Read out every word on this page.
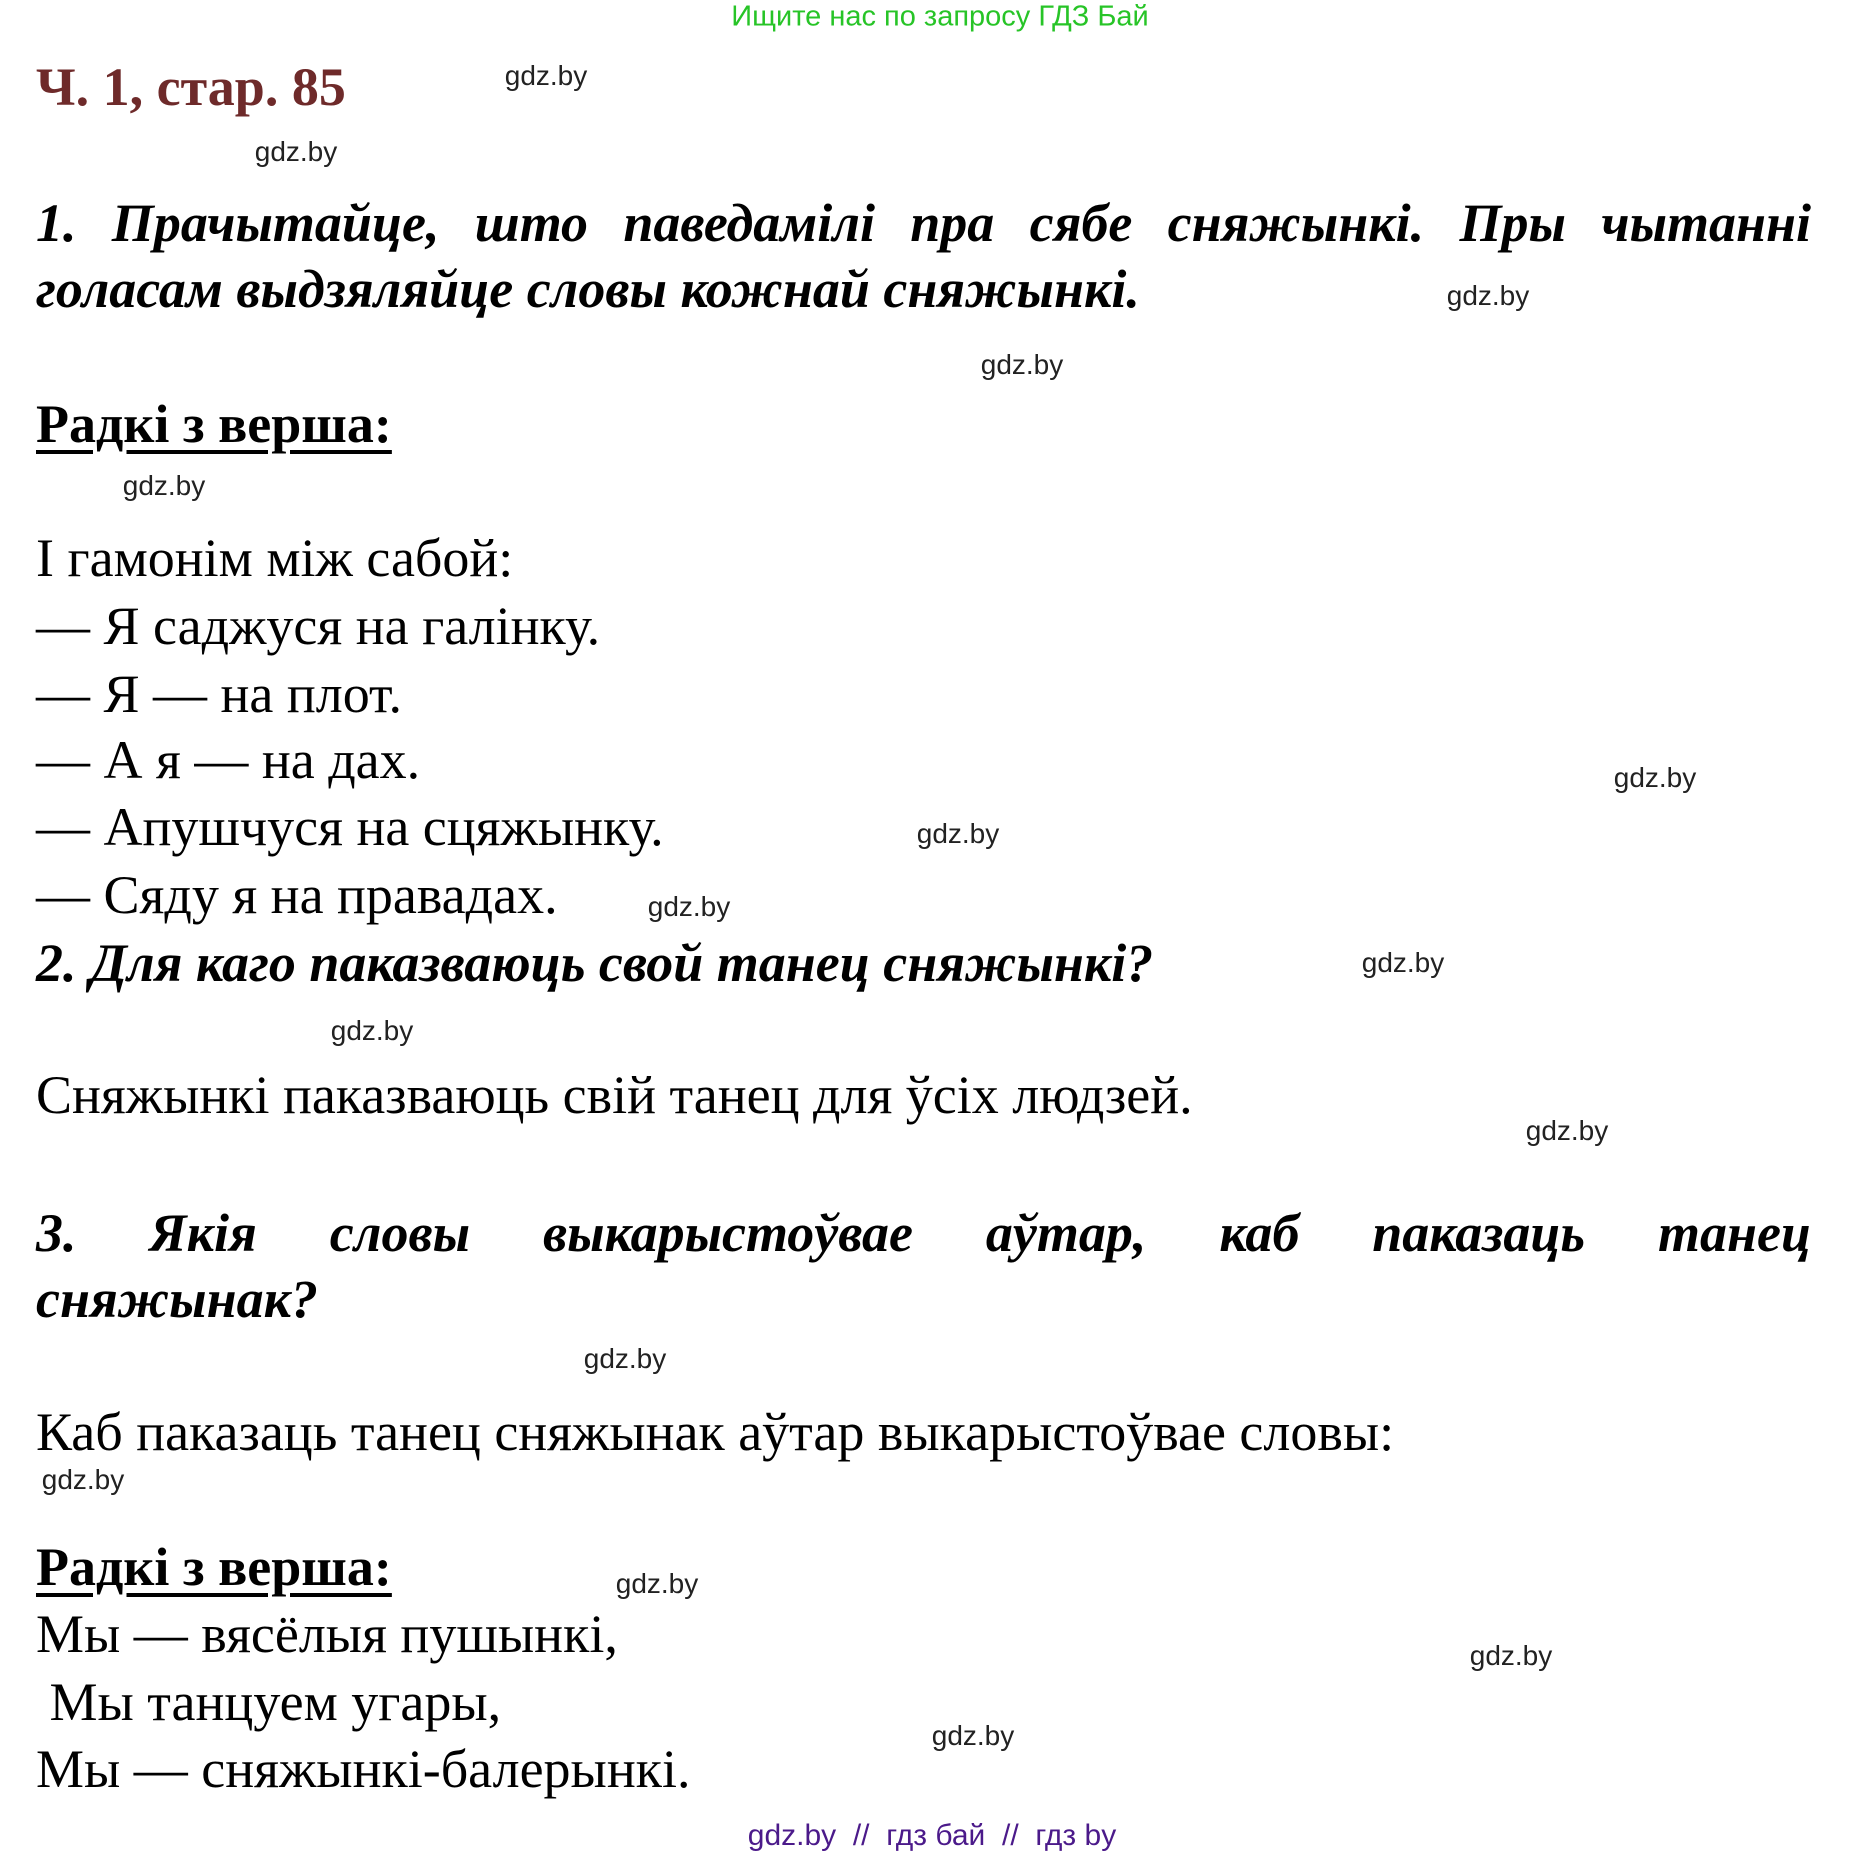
Ищите нас по запросу ГДЗ Бай
Ч. 1, стар. 85	gdz.by
gdz.by
1. Прачытайце, што паведамілі пра сябе сняжынкі. Пры чытанні
голасам выдзяляйце словы кожнай сняжынкі.	gdz.by
gdz.by
Радкі з верша:
gdz.by
І гамонім між сабой:
— Я саджуся на галінку.
— Я — на плот.
— А я — на дах.
— Апушчуся на сцяжынку.
— Сяду я на правадах.
gdz.by
gdz.by
gdz.by
2. Для каго паказваюць свой танец сняжынкі?	gdz.by
gdz.by
Сняжынкі паказваюць свій танец для ўсіх людзей.
gdz.by
3. Якія словы выкарыстоўвае аўтар, каб паказаць танец
сняжынак?
gdz.by
Каб паказаць танец сняжынак аўтар выкарыстоўвае словы:
gdz.by
Радкі з верша:	gdz.by
Мы — вясёлыя пушынкі,
Мы танцуем угары,
Мы — сняжынкі-балерынкі.
gdz.by
gdz.by
gdz.by  //  гдз бай  //  гдз by
